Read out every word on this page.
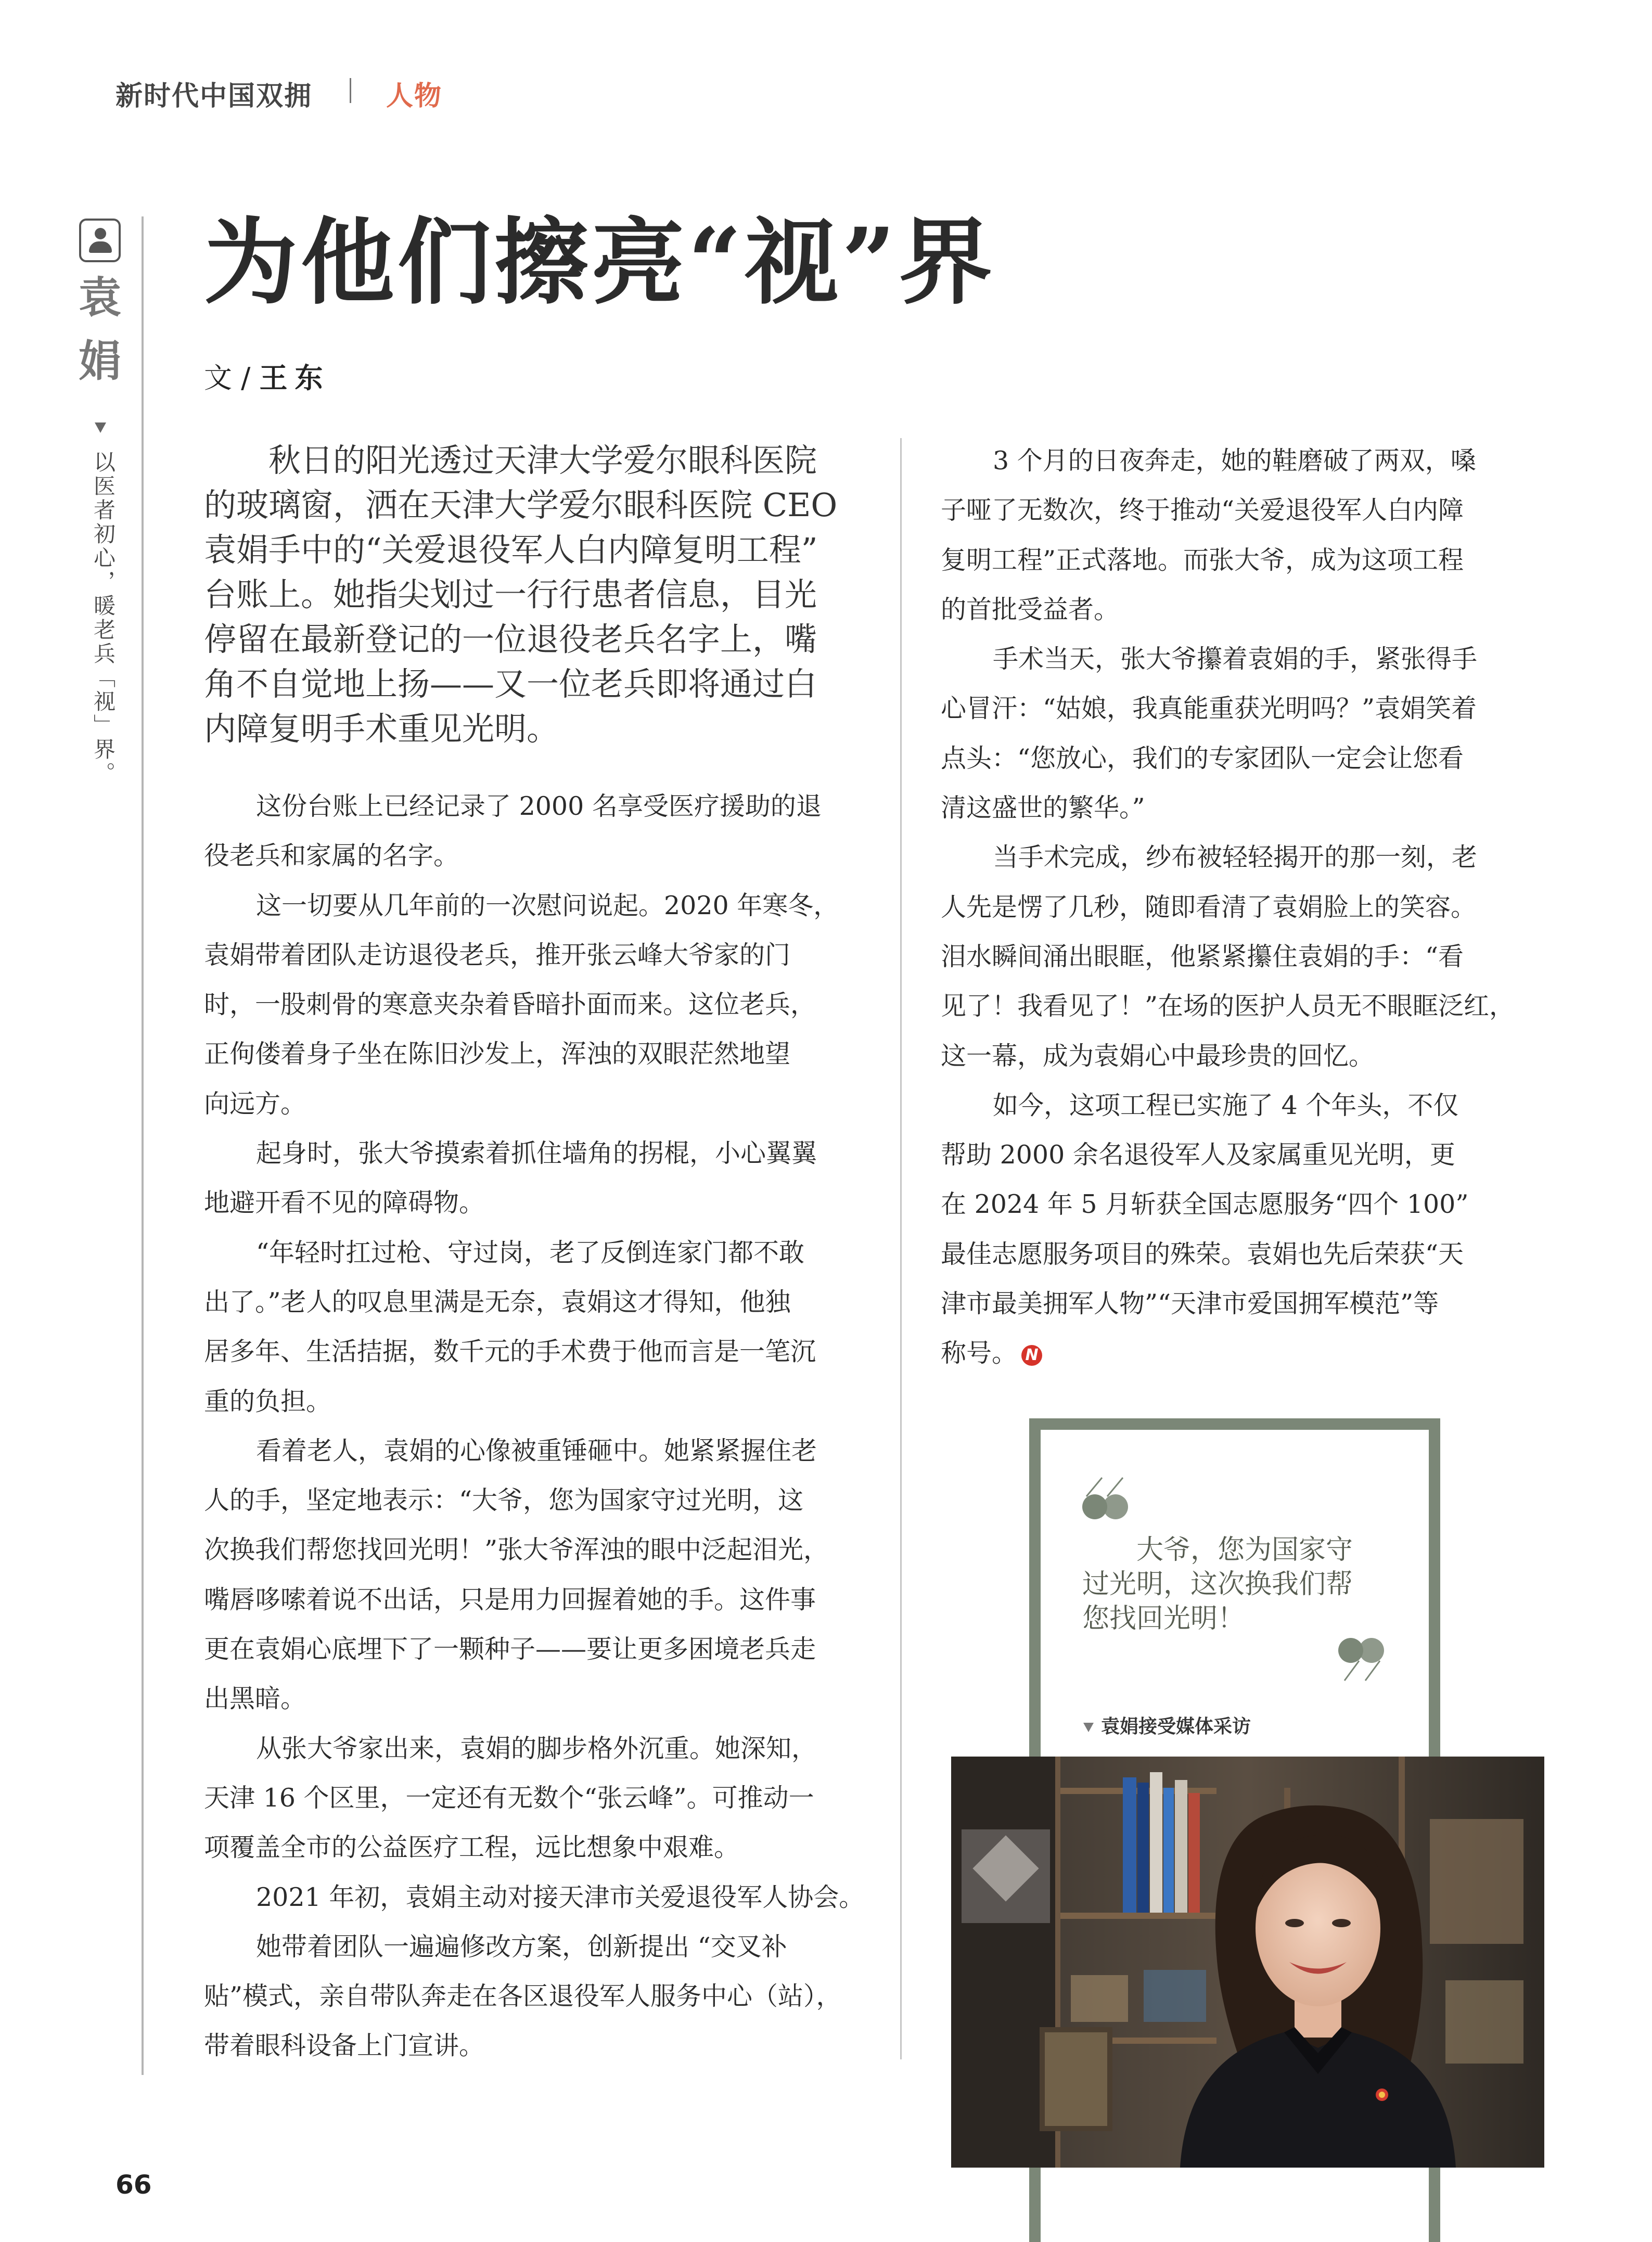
新时代中国双拥	人物
袁
娟
以医者初心，暖老兵「视」界。
为他们擦亮“视”界
文 / 王东
秋日的阳光透过天津大学爱尔眼科医院
的玻璃窗，洒在天津大学爱尔眼科医院 CEO
袁娟手中的“关爱退役军人白内障复明工程”
台账上。她指尖划过一行行患者信息，目光
停留在最新登记的一位退役老兵名字上，嘴
角不自觉地上扬——又一位老兵即将通过白
内障复明手术重见光明。
这份台账上已经记录了 2000 名享受医疗援助的退
役老兵和家属的名字。
这一切要从几年前的一次慰问说起。2020 年寒冬，
袁娟带着团队走访退役老兵，推开张云峰大爷家的门
时，一股刺骨的寒意夹杂着昏暗扑面而来。这位老兵，
正佝偻着身子坐在陈旧沙发上，浑浊的双眼茫然地望
向远方。
起身时，张大爷摸索着抓住墙角的拐棍，小心翼翼
地避开看不见的障碍物。
“年轻时扛过枪、守过岗，老了反倒连家门都不敢
出了。”老人的叹息里满是无奈，袁娟这才得知，他独
居多年、生活拮据，数千元的手术费于他而言是一笔沉
重的负担。
看着老人，袁娟的心像被重锤砸中。她紧紧握住老
人的手，坚定地表示：“大爷，您为国家守过光明，这
次换我们帮您找回光明！”张大爷浑浊的眼中泛起泪光，
嘴唇哆嗦着说不出话，只是用力回握着她的手。这件事
更在袁娟心底埋下了一颗种子——要让更多困境老兵走
出黑暗。
从张大爷家出来，袁娟的脚步格外沉重。她深知，
天津 16 个区里，一定还有无数个“张云峰”。可推动一
项覆盖全市的公益医疗工程，远比想象中艰难。
2021 年初，袁娟主动对接天津市关爱退役军人协会。
她带着团队一遍遍修改方案，创新提出 “交叉补
贴”模式，亲自带队奔走在各区退役军人服务中心（站），
带着眼科设备上门宣讲。
3 个月的日夜奔走，她的鞋磨破了两双，嗓
子哑了无数次，终于推动“关爱退役军人白内障
复明工程”正式落地。而张大爷，成为这项工程
的首批受益者。
手术当天，张大爷攥着袁娟的手，紧张得手
心冒汗：“姑娘，我真能重获光明吗？”袁娟笑着
点头：“您放心，我们的专家团队一定会让您看
清这盛世的繁华。”
当手术完成，纱布被轻轻揭开的那一刻，老
人先是愣了几秒，随即看清了袁娟脸上的笑容。
泪水瞬间涌出眼眶，他紧紧攥住袁娟的手：“看
见了！我看见了！”在场的医护人员无不眼眶泛红，
这一幕，成为袁娟心中最珍贵的回忆。
如今，这项工程已实施了 4 个年头，不仅
帮助 2000 余名退役军人及家属重见光明，更
在 2024 年 5 月斩获全国志愿服务“四个 100”
最佳志愿服务项目的殊荣。袁娟也先后荣获“天
津市最美拥军人物”“天津市爱国拥军模范”等
称号。 N
大爷，您为国家守
过光明，这次换我们帮
您找回光明！
袁娟接受媒体采访
66
